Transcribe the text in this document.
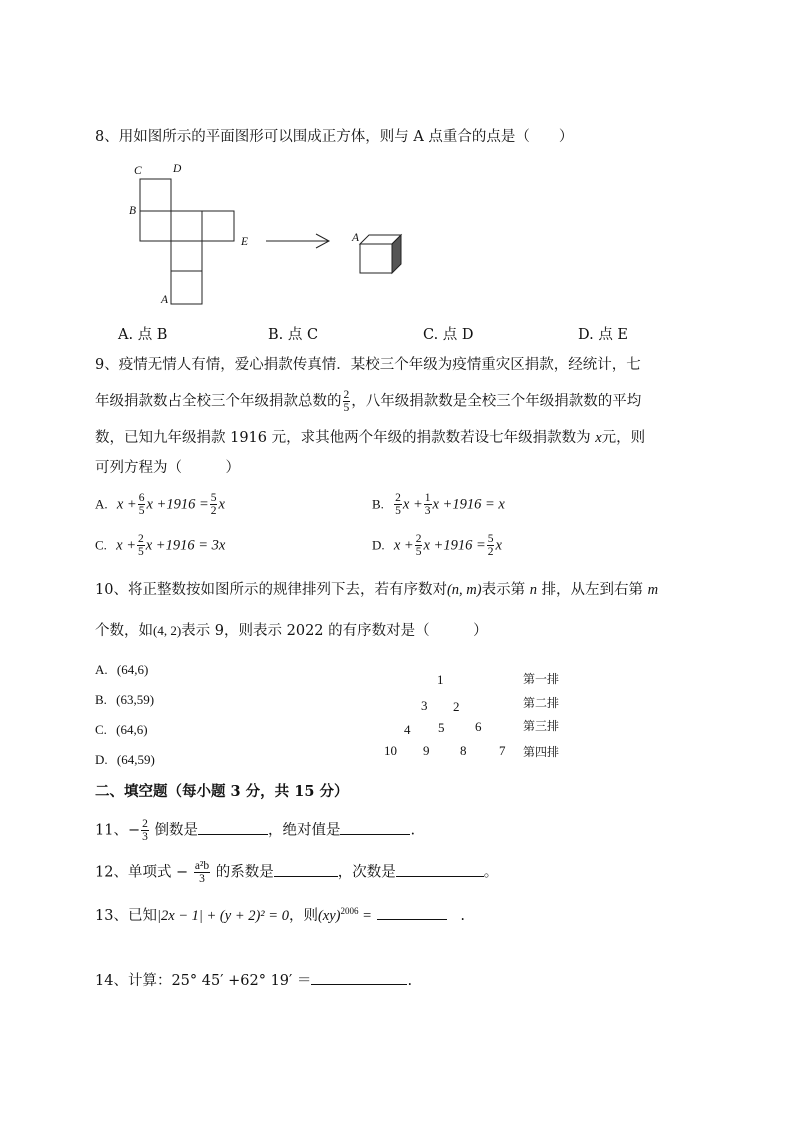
8、用如图所示的平面图形可以围成正方体，则与 A 点重合的点是（　　）
C	D
B
E
A
A
A. 点 B	B. 点 C	C. 点 D	D. 点 E
9、疫情无情人有情，爱心捐款传真情．某校三个年级为疫情重灾区捐款，经统计，七
年级捐款数占全校三个年级捐款总数的 $\frac{2}{5}$ ，八年级捐款数是全校三个年级捐款数的平均
数，已知九年级捐款 1916 元，求其他两个年级的捐款数若设七年级捐款数为 x元，则
可列方程为（　　　）
A. $x + \frac{6}{5}$ $x +1916 = \frac{5}{2}$ x	B. $\frac{2}{5}$ $x + \frac{1}{3}$ x +1916 = x
C. $x + \frac{2}{5}$ x +1916 = 3x	D. $x + \frac{2}{5}$ $x +1916 = \frac{5}{2}$ x
10、将正整数按如图所示的规律排列下去，若有序数对(n, m)表示第 n 排，从左到右第 m
个数，如(4, 2)表示 9，则表示 2022 的有序数对是（　　　）
A. (64,6)
B. (63,59)
C. (64,6)
D. (64,59)
1
3 2
4 5 6
10 9 8	7
第一排
第二排
第三排
第四排
二、填空题（每小题 3 分，共 15 分）
11、− $\frac{2}{3}$ 倒数是	，绝对值是	.
12、单项式 − $\frac{\text{a²b}}{3}$ 的系数是	，次数是	。
13、已知|2x − 1| + (y + 2)² = 0，则(xy)$^{2006}$ =	.
14、计算：25° 45′ +62° 19′ ＝	.
